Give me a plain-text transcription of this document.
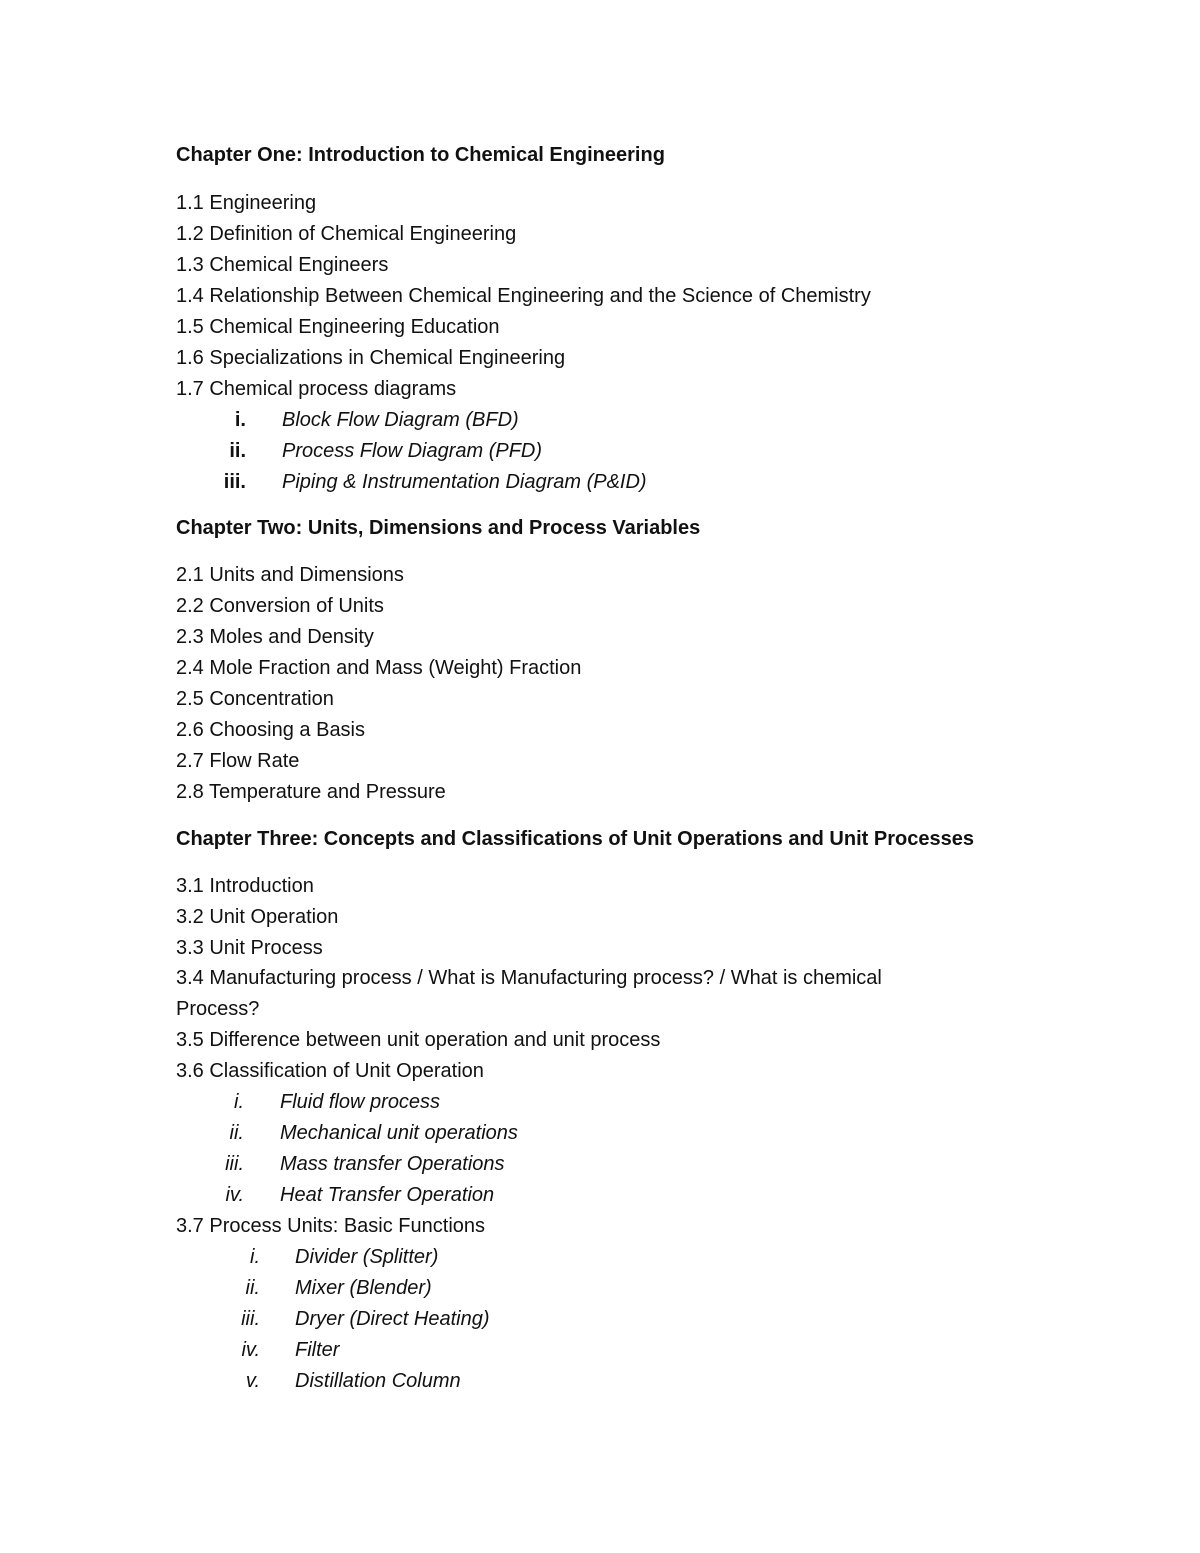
Chapter One: Introduction to Chemical Engineering
1.1 Engineering
1.2 Definition of Chemical Engineering
1.3 Chemical Engineers
1.4 Relationship Between Chemical Engineering and the Science of Chemistry
1.5 Chemical Engineering Education
1.6 Specializations in Chemical Engineering
1.7 Chemical process diagrams
i. Block Flow Diagram (BFD)
ii. Process Flow Diagram (PFD)
iii. Piping & Instrumentation Diagram (P&ID)
Chapter Two: Units, Dimensions and Process Variables
2.1 Units and Dimensions
2.2 Conversion of Units
2.3 Moles and Density
2.4 Mole Fraction and Mass (Weight) Fraction
2.5 Concentration
2.6 Choosing a Basis
2.7 Flow Rate
2.8 Temperature and Pressure
Chapter Three: Concepts and Classifications of Unit Operations and Unit Processes
3.1 Introduction
3.2 Unit Operation
3.3 Unit Process
3.4 Manufacturing process / What is Manufacturing process? / What is chemical
Process?
3.5 Difference between unit operation and unit process
3.6 Classification of Unit Operation
i. Fluid flow process
ii. Mechanical unit operations
iii. Mass transfer Operations
iv. Heat Transfer Operation
3.7 Process Units: Basic Functions
i. Divider (Splitter)
ii. Mixer (Blender)
iii. Dryer (Direct Heating)
iv. Filter
v. Distillation Column
